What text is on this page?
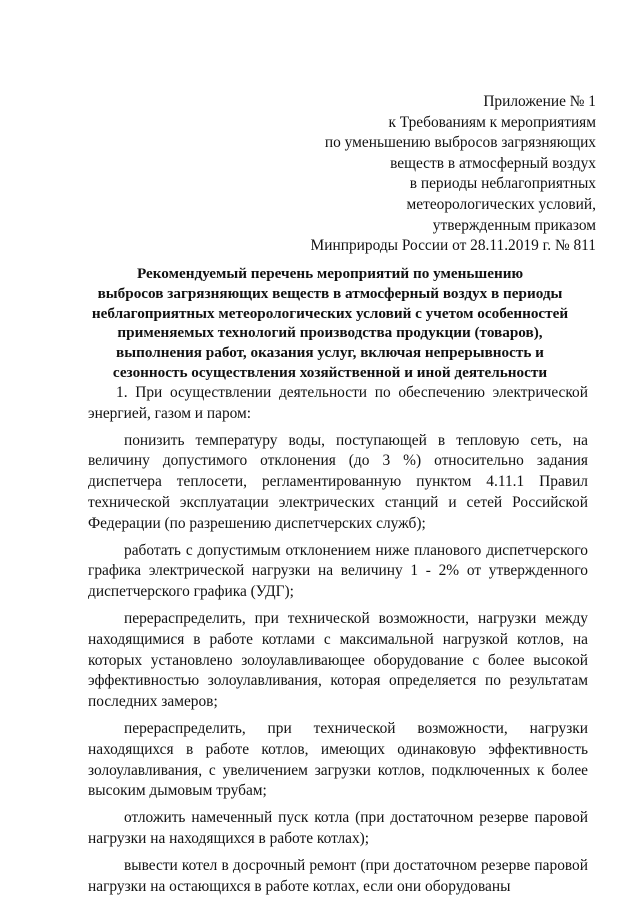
Приложение № 1
к Требованиям к мероприятиям
по уменьшению выбросов загрязняющих
веществ в атмосферный воздух
в периоды неблагоприятных
метеорологических условий,
утвержденным приказом
Минприроды России от 28.11.2019 г. № 811
Рекомендуемый перечень мероприятий по уменьшению
выбросов загрязняющих веществ в атмосферный воздух в периоды
неблагоприятных метеорологических условий с учетом особенностей
применяемых технологий производства продукции (товаров),
выполнения работ, оказания услуг, включая непрерывность и
сезонность осуществления хозяйственной и иной деятельности

1. При осуществлении деятельности по обеспечению электрической энергией, газом и паром:

понизить температуру воды, поступающей в тепловую сеть, на величину допустимого отклонения (до 3 %) относительно задания диспетчера теплосети, регламентированную пунктом 4.11.1 Правил технической эксплуатации электрических станций и сетей Российской Федерации (по разрешению диспетчерских служб);

работать с допустимым отклонением ниже планового диспетчерского графика электрической нагрузки на величину 1 - 2% от утвержденного диспетчерского графика (УДГ);

перераспределить, при технической возможности, нагрузки между находящимися в работе котлами с максимальной нагрузкой котлов, на которых установлено золоулавливающее оборудование с более высокой эффективностью золоулавливания, которая определяется по результатам последних замеров;

перераспределить, при технической возможности, нагрузки находящихся в работе котлов, имеющих одинаковую эффективность золоулавливания, с увеличением загрузки котлов, подключенных к более высоким дымовым трубам;

отложить намеченный пуск котла (при достаточном резерве паровой нагрузки на находящихся в работе котлах);

вывести котел в досрочный ремонт (при достаточном резерве паровой нагрузки на остающихся в работе котлах, если они оборудованы
